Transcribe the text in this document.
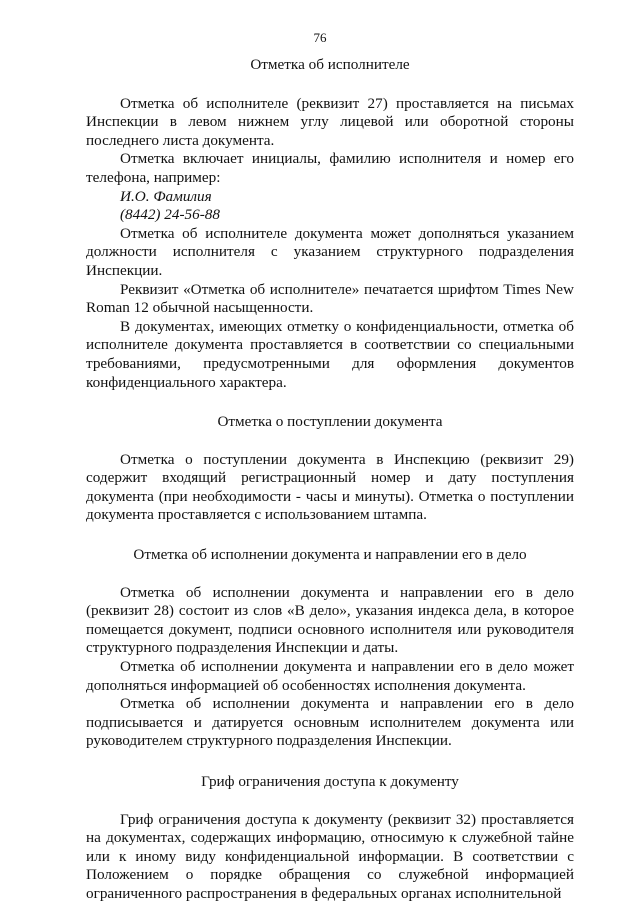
76
Отметка об исполнителе

Отметка об исполнителе (реквизит 27) проставляется на письмах Инспекции в левом нижнем углу лицевой или оборотной стороны последнего листа документа.

Отметка включает инициалы, фамилию исполнителя и номер его телефона, например:

И.О. Фамилия

(8442) 24-56-88

Отметка об исполнителе документа может дополняться указанием должности исполнителя с указанием структурного подразделения Инспекции.

Реквизит «Отметка об исполнителе» печатается шрифтом Times New Roman 12 обычной насыщенности.

В документах, имеющих отметку о конфиденциальности, отметка об исполнителе документа проставляется в соответствии со специальными требованиями, предусмотренными для оформления документов конфиденциального характера.

Отметка о поступлении документа

Отметка о поступлении документа в Инспекцию (реквизит 29) содержит входящий регистрационный номер и дату поступления документа (при необходимости - часы и минуты). Отметка о поступлении документа проставляется с использованием штампа.

Отметка об исполнении документа и направлении его в дело

Отметка об исполнении документа и направлении его в дело (реквизит 28) состоит из слов «В дело», указания индекса дела, в которое помещается документ, подписи основного исполнителя или руководителя структурного подразделения Инспекции и даты.

Отметка об исполнении документа и направлении его в дело может дополняться информацией об особенностях исполнения документа.

Отметка об исполнении документа и направлении его в дело подписывается и датируется основным исполнителем документа или руководителем структурного подразделения Инспекции.

Гриф ограничения доступа к документу

Гриф ограничения доступа к документу (реквизит 32) проставляется на документах, содержащих информацию, относимую к служебной тайне или к иному виду конфиденциальной информации. В соответствии с Положением о порядке обращения со служебной информацией ограниченного распространения в федеральных органах исполнительной
